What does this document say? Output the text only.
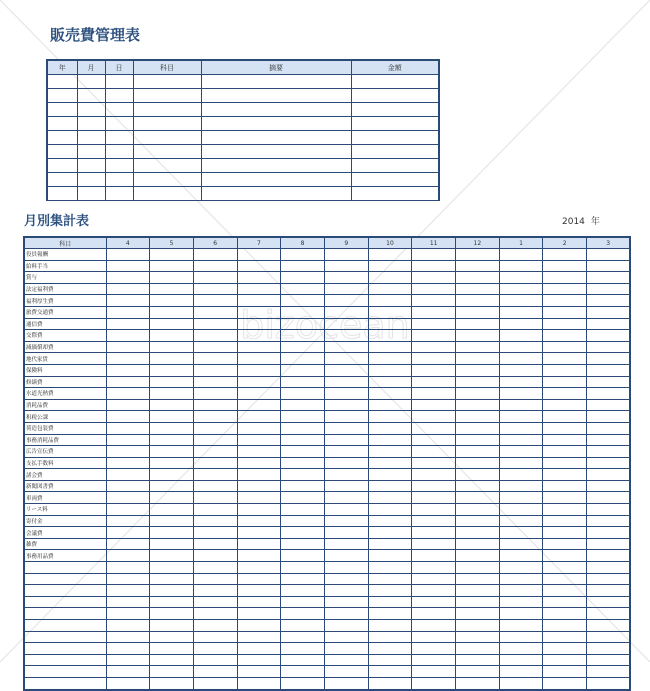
bizocean
販売費管理表
年	月	日	科目	摘要	金額

月別集計表	2014 年
科目	4	5	6	7	8	9	10	11	12	1	2	3
役員報酬												
給料手当												
賞与												
法定福利費												
福利厚生費												
旅費交通費												
通信費												
交際費												
減価償却費												
地代家賃												
保険料												
修繕費												
水道光熱費												
消耗品費												
租税公課												
荷造包装費												
事務消耗品費												
広告宣伝費												
支払手数料												
諸会費												
新聞図書費												
車両費												
リース料												
寄付金												
会議費												
雑費												
事務用品費												
